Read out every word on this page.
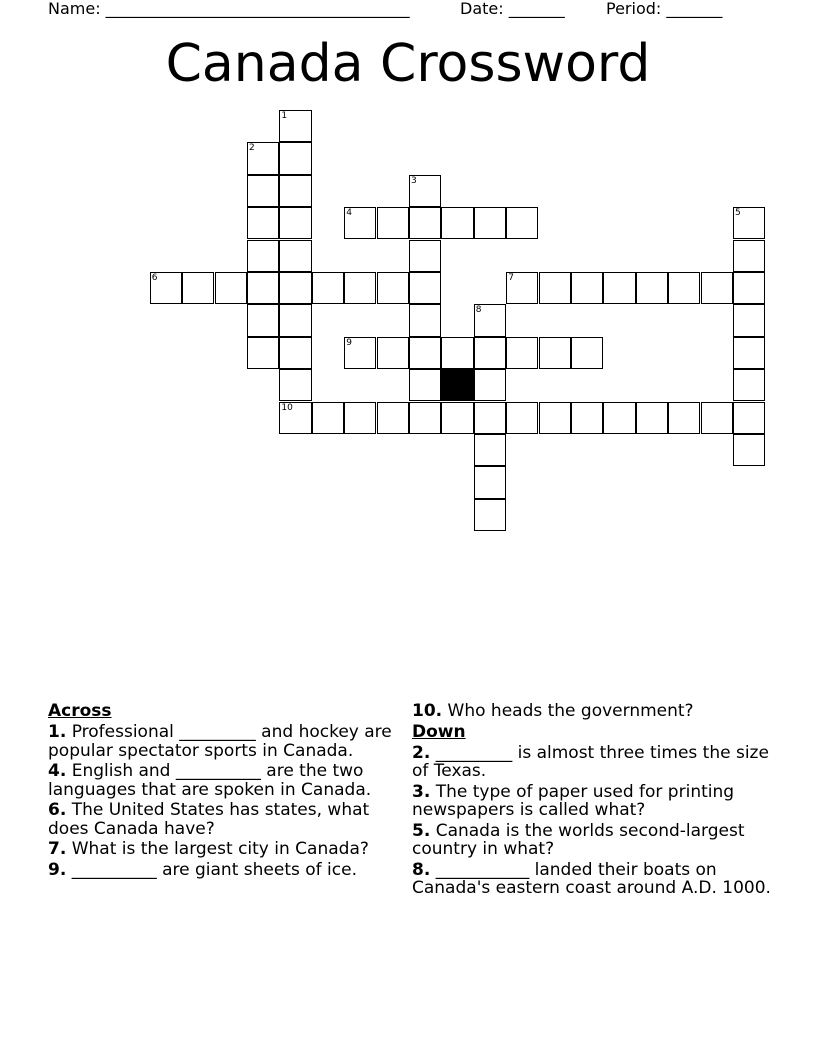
Name: ______________________________________	Date: _______	Period: _______
Canada Crossword
1
2
3
4	5
6	7
8
9
10
Across
1. Professional _________ and hockey are popular spectator sports in Canada.
4. English and __________ are the two languages that are spoken in Canada.
6. The United States has states, what does Canada have?
7. What is the largest city in Canada?
9. __________ are giant sheets of ice.
10. Who heads the government?
Down
2. _________ is almost three times the size of Texas.
3. The type of paper used for printing newspapers is called what?
5. Canada is the worlds second-largest country in what?
8. ___________ landed their boats on Canada's eastern coast around A.D. 1000.
